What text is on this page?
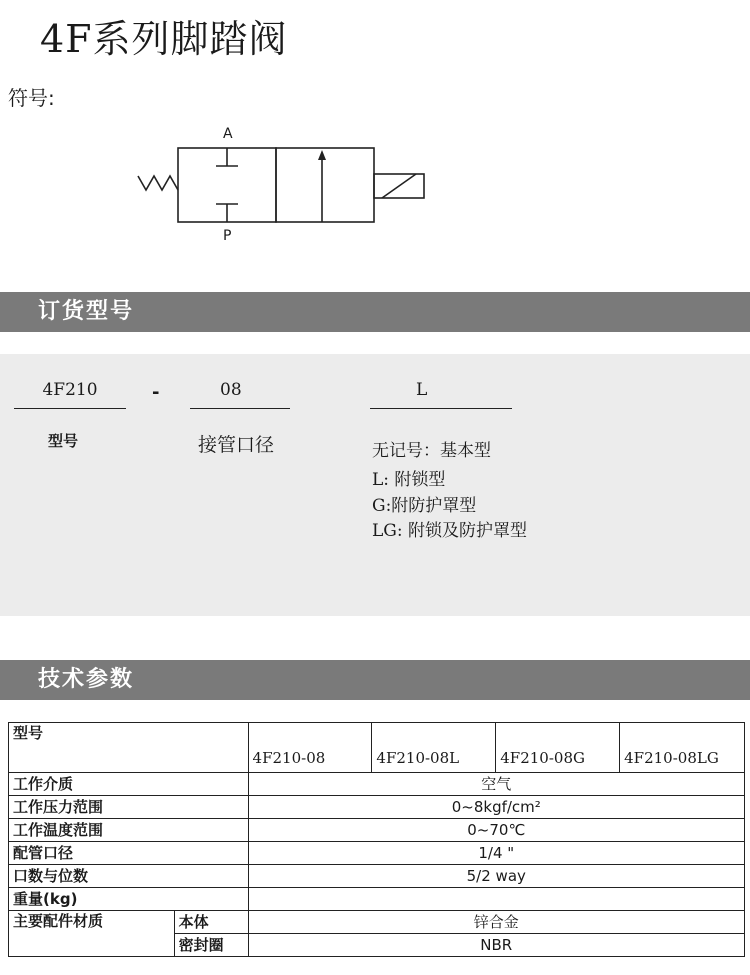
4F系列脚踏阀
符号:
A
P
订货型号
4F210
型号
-	08
接管口径
L
无记号：基本型
L: 附锁型
G:附防护罩型
LG: 附锁及防护罩型
技术参数
型号		4F210-08	4F210-08L	4F210-08G	4F210-08LG
工作介质		空气			
工作压力范围		0~8kgf/cm²			
工作温度范围		0~70℃			
配管口径		1/4 "			
口数与位数		5/2 way			
重量(kg)					
主要配件材质	本体	锌合金			
	密封圈	NBR			
